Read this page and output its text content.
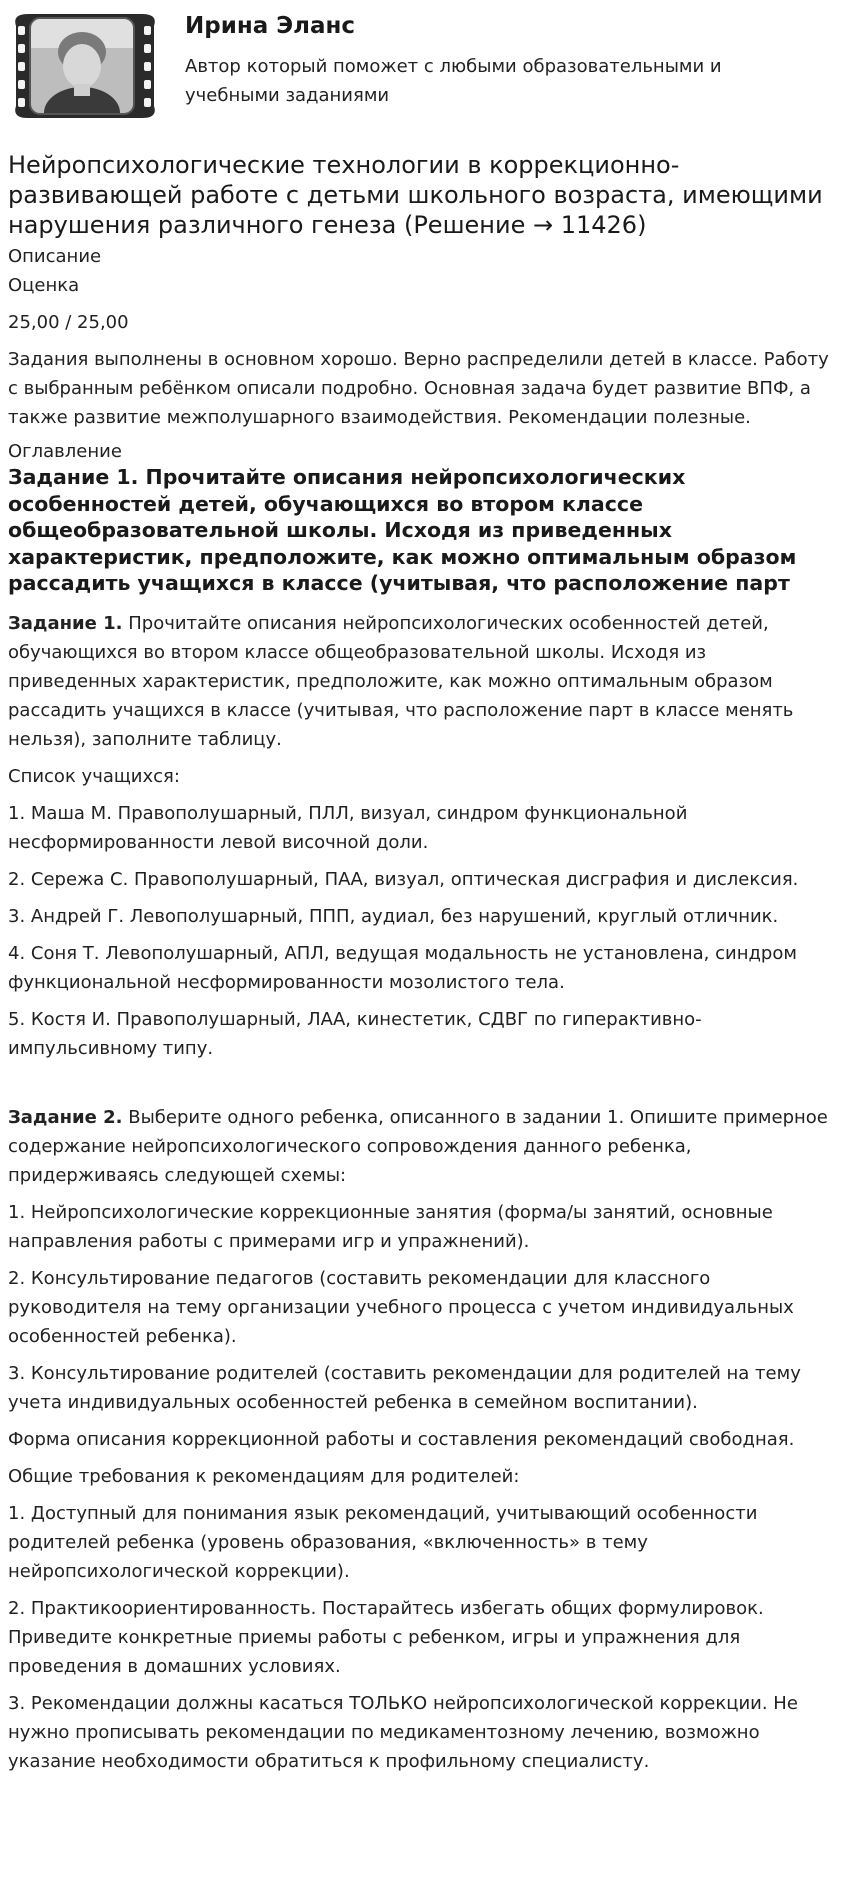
Ирина Эланс
Автор который поможет с любыми образовательными и учебными заданиями
Нейропсихологические технологии в коррекционно-развивающей работе с детьми школьного возраста, имеющими нарушения различного генеза (Решение → 11426)
Описание
Оценка
25,00 / 25,00

Задания выполнены в основном хорошо. Верно распределили детей в классе. Работу с выбранным ребёнком описали подробно. Основная задача будет развитие ВПФ, а также развитие межполушарного взаимодействия. Рекомендации полезные.

Оглавление
Задание 1. Прочитайте описания нейропсихологических особенностей детей, обучающихся во втором классе общеобразовательной школы. Исходя из приведенных характеристик, предположите, как можно оптимальным образом рассадить учащихся в классе (учитывая, что расположение парт

Задание 1. Прочитайте описания нейропсихологических особенностей детей, обучающихся во втором классе общеобразовательной школы. Исходя из приведенных характеристик, предположите, как можно оптимальным образом рассадить учащихся в классе (учитывая, что расположение парт в классе менять нельзя), заполните таблицу.

Список учащихся:

1. Маша М. Правополушарный, ПЛЛ, визуал, синдром функциональной несформированности левой височной доли.

2. Сережа С. Правополушарный, ПАА, визуал, оптическая дисграфия и дислексия.

3. Андрей Г. Левополушарный, ППП, аудиал, без нарушений, круглый отличник.

4. Соня Т. Левополушарный, АПЛ, ведущая модальность не установлена, синдром функциональной несформированности мозолистого тела.

5. Костя И. Правополушарный, ЛАА, кинестетик, СДВГ по гиперактивно-импульсивному типу.

Задание 2. Выберите одного ребенка, описанного в задании 1. Опишите примерное содержание нейропсихологического сопровождения данного ребенка, придерживаясь следующей схемы:

1. Нейропсихологические коррекционные занятия (форма/ы занятий, основные направления работы с примерами игр и упражнений).

2. Консультирование педагогов (составить рекомендации для классного руководителя на тему организации учебного процесса с учетом индивидуальных особенностей ребенка).

3. Консультирование родителей (составить рекомендации для родителей на тему учета индивидуальных особенностей ребенка в семейном воспитании).

Форма описания коррекционной работы и составления рекомендаций свободная.

Общие требования к рекомендациям для родителей:

1. Доступный для понимания язык рекомендаций, учитывающий особенности родителей ребенка (уровень образования, «включенность» в тему нейропсихологической коррекции).

2. Практикоориентированность. Постарайтесь избегать общих формулировок. Приведите конкретные приемы работы с ребенком, игры и упражнения для проведения в домашних условиях.

3. Рекомендации должны касаться ТОЛЬКО нейропсихологической коррекции. Не нужно прописывать рекомендации по медикаментозному лечению, возможно указание необходимости обратиться к профильному специалисту.
